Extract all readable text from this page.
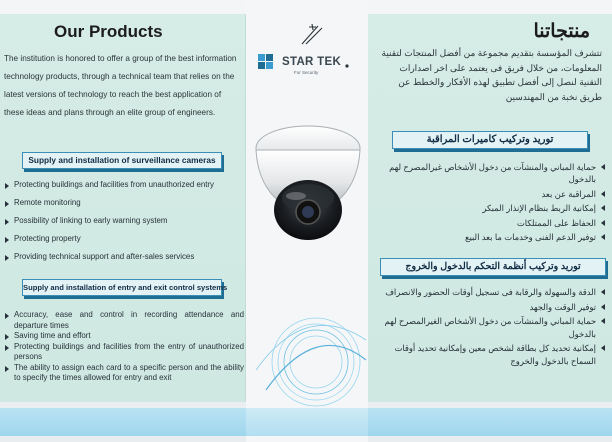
Our Products

The institution is honored to offer a group of the best information technology products, through a technical team that relies on the latest versions of technology to reach the best application of these ideas and plans through an elite group of engineers.

Supply and installation of surveillance cameras
Protecting buildings and facilities from unauthorized entry
Remote monitoring
Possibility of linking to early warning system
Protecting property
Providing technical support and after-sales services
Supply and installation of entry and exit control systems
Accuracy, ease and control in recording attendance and departure times
Saving time and effort
Protecting buildings and facilities from the entry of unauthorized persons
The ability to assign each card to a specific person and the ability to specify the times allowed for entry and exit
STAR TEK
For Security
منتجاتنا

تتشرف المؤسسة بتقديم مجموعة من أفضل المنتجات لتقنية المعلومات، من خلال فريق فى يعتمد على اخر اصدارات التقنية لنصل إلى أفضل تطبيق لهذه الأفكار والخطط عن طريق نخبة من المهندسين

توريد وتركيب كاميرات المراقبة
حماية المباني والمنشآت من دخول الأشخاص غيرالمصرح لهم بالدخول
المراقبة عن بعد
إمكانية الربط بنظام الإنذار المبكر
الحفاظ على الممتلكات
توفير الدعم الفنى وخدمات ما بعد البيع
توريد وتركيب أنظمة التحكم بالدخول والخروج
الدقة والسهولة والرقابة فى تسجيل أوقات الحضور والانصراف
توفير الوقت والجهد
حماية المباني والمنشآت من دخول الأشخاص الغيرالمصرح لهم بالدخول
إمكانية تحديد كل بطاقة لشخص معين وإمكانية تحديد أوقات السماح بالدخول والخروج
